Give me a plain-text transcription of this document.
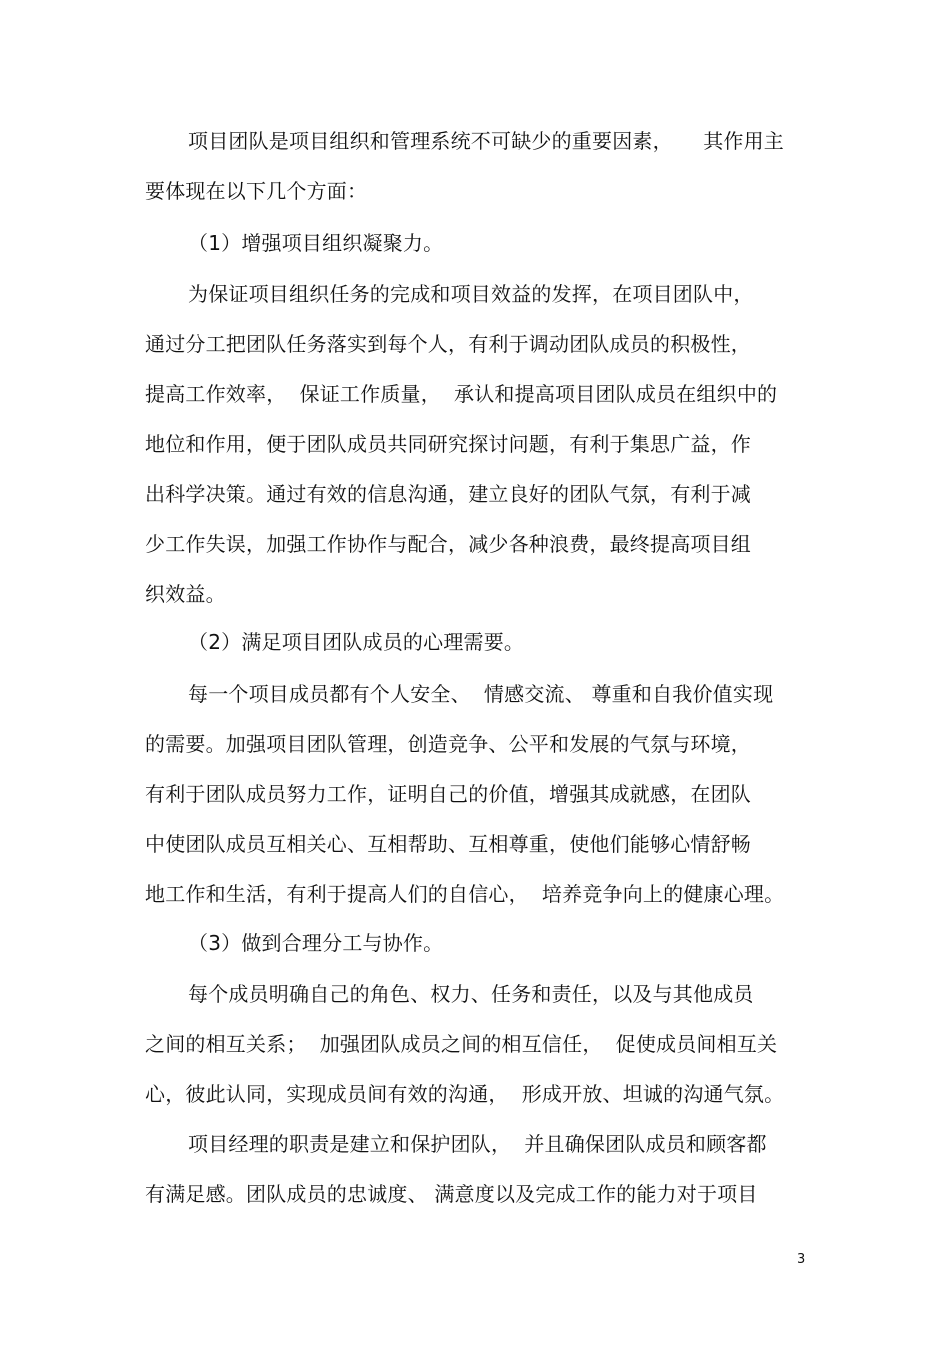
项目团队是项目组织和管理系统不可缺少的重要因素，　　其作用主
要体现在以下几个方面：
（1）增强项目组织凝聚力。
为保证项目组织任务的完成和项目效益的发挥，在项目团队中，
通过分工把团队任务落实到每个人，有利于调动团队成员的积极性，
提高工作效率，  保证工作质量，  承认和提高项目团队成员在组织中的
地位和作用，便于团队成员共同研究探讨问题，有利于集思广益，作
出科学决策。通过有效的信息沟通，建立良好的团队气氛，有利于减
少工作失误，加强工作协作与配合，减少各种浪费，最终提高项目组
织效益。
（2）满足项目团队成员的心理需要。
每一个项目成员都有个人安全、  情感交流、 尊重和自我价值实现
的需要。加强项目团队管理，创造竞争、公平和发展的气氛与环境，
有利于团队成员努力工作，证明自己的价值，增强其成就感，在团队
中使团队成员互相关心、互相帮助、互相尊重，使他们能够心情舒畅
地工作和生活，有利于提高人们的自信心，  培养竞争向上的健康心理。
（3）做到合理分工与协作。
每个成员明确自己的角色、权力、任务和责任，以及与其他成员
之间的相互关系；  加强团队成员之间的相互信任，  促使成员间相互关
心，彼此认同，实现成员间有效的沟通，  形成开放、坦诚的沟通气氛。
项目经理的职责是建立和保护团队，  并且确保团队成员和顾客都
有满足感。团队成员的忠诚度、 满意度以及完成工作的能力对于项目
3
